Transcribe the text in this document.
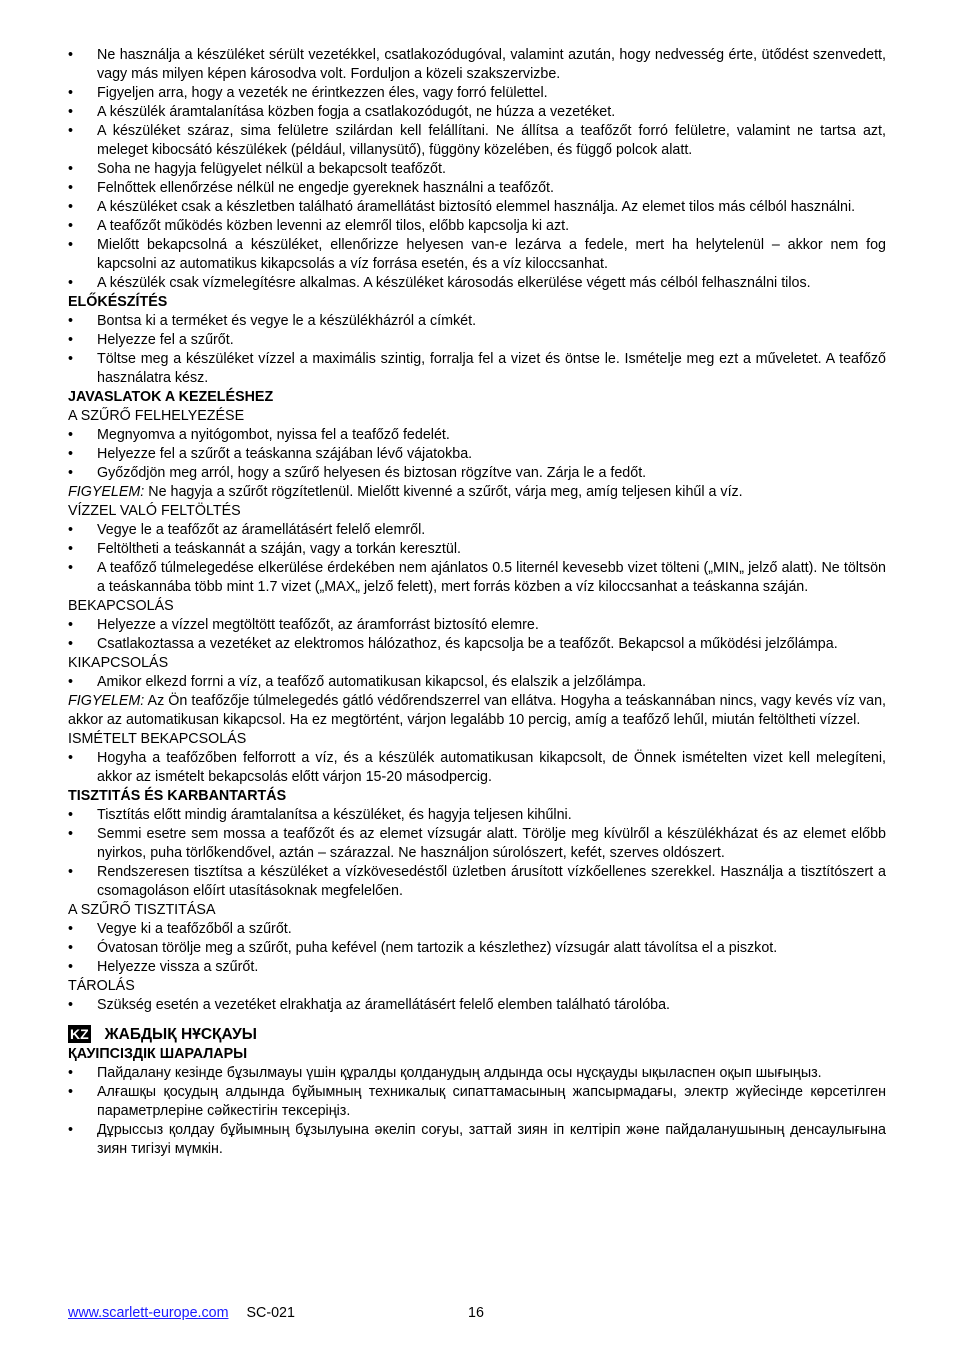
• Ne használja a készüléket sérült vezetékkel, csatlakozódugóval, valamint azután, hogy nedvesség érte, ütődést szenvedett, vagy más milyen képen károsodva volt. Forduljon a közeli szakszervizbe.
• Figyeljen arra, hogy a vezeték ne érintkezzen éles, vagy forró felülettel.
• A készülék áramtalanítása közben fogja a csatlakozódugót, ne húzza a vezetéket.
• A készüléket száraz, sima felületre szilárdan kell felállítani. Ne állítsa a teafőzőt forró felületre, valamint ne tartsa azt, meleget kibocsátó készülékek (például, villanysütő), függöny közelében, és függő polcok alatt.
• Soha ne hagyja felügyelet nélkül a bekapcsolt teafőzőt.
• Felnőttek ellenőrzése nélkül ne engedje gyereknek használni a teafőzőt.
• A készüléket csak a készletben található áramellátást biztosító elemmel használja. Az elemet tilos más célból használni.
• A teafőzőt működés közben levenni az elemről tilos, előbb kapcsolja ki azt.
• Mielőtt bekapcsolná a készüléket, ellenőrizze helyesen van-e lezárva a fedele, mert ha helytelenül – akkor nem fog kapcsolni az automatikus kikapcsolás a víz forrása esetén, és a víz kiloccsanhat.
• A készülék csak vízmelegítésre alkalmas. A készüléket károsodás elkerülése végett más célból felhasználni tilos.
ELŐKÉSZÍTÉS
• Bontsa ki a terméket és vegye le a készülékházról a címkét.
• Helyezze fel a szűrőt.
• Töltse meg a készüléket vízzel a maximális szintig, forralja fel a vizet és öntse le. Ismételje meg ezt a műveletet. A teafőző használatra kész.
JAVASLATOK A KEZELÉSHEZ
A SZŰRŐ FELHELYEZÉSE
• Megnyomva a nyitógombot, nyissa fel a teafőző fedelét.
• Helyezze fel a szűrőt a teáskanna szájában lévő vájatokba.
• Győződjön meg arról, hogy a szűrő helyesen és biztosan rögzítve van. Zárja le a fedőt.
FIGYELEM: Ne hagyja a szűrőt rögzítetlenül. Mielőtt kivenné a szűrőt, várja meg, amíg teljesen kihűl a víz.
VÍZZEL VALÓ FELTÖLTÉS
• Vegye le a teafőzőt az áramellátásért felelő elemről.
• Feltöltheti a teáskannát a száján, vagy a torkán keresztül.
• A teafőző túlmelegedése elkerülése érdekében nem ajánlatos 0.5 liternél kevesebb vizet tölteni („MIN„ jelző alatt). Ne töltsön a teáskannába több mint 1.7 vizet („MAX„ jelző felett), mert forrás közben a víz kiloccsanhat a teáskanna száján.
BEKAPCSOLÁS
• Helyezze a vízzel megtöltött teafőzőt, az áramforrást biztosító elemre.
• Csatlakoztassa a vezetéket az elektromos hálózathoz, és kapcsolja be a teafőzőt. Bekapcsol a működési jelzőlámpa.
KIKAPCSOLÁS
• Amikor elkezd forrni a víz, a teafőző automatikusan kikapcsol, és elalszik a jelzőlámpa.
FIGYELEM: Az Ön teafőzője túlmelegedés gátló védőrendszerrel van ellátva. Hogyha a teáskannában nincs, vagy kevés víz van, akkor az automatikusan kikapcsol. Ha ez megtörtént, várjon legalább 10 percig, amíg a teafőző lehűl, miután feltöltheti vízzel.
ISMÉTELT BEKAPCSOLÁS
• Hogyha a teafőzőben felforrott a víz, és a készülék automatikusan kikapcsolt, de Önnek ismételten vizet kell melegíteni, akkor az ismételt bekapcsolás előtt várjon 15-20 másodpercig.
TISZTITÁS ÉS KARBANTARTÁS
• Tisztítás előtt mindig áramtalanítsa a készüléket, és hagyja teljesen kihűlni.
• Semmi esetre sem mossa a teafőzőt és az elemet vízsugár alatt. Törölje meg kívülről a készülékházat és az elemet előbb nyirkos, puha törlőkendővel, aztán – szárazzal. Ne használjon súrolószert, kefét, szerves oldószert.
• Rendszeresen tisztítsa a készüléket a vízkövesedéstől üzletben árusított vízkőellenes szerekkel. Használja a tisztítószert a csomagoláson előírt utasításoknak megfelelően.
A SZŰRŐ TISZTITÁSA
• Vegye ki a teafőzőből a szűrőt.
• Óvatosan törölje meg a szűrőt, puha kefével (nem tartozik a készlethez) vízsugár alatt távolítsa el a piszkot.
• Helyezze vissza a szűrőt.
TÁROLÁS
• Szükség esetén a vezetéket elrakhatja az áramellátásért felelő elemben található tárolóba.
KZ ЖАБДЫҚ НҰСҚАУЫ
ҚАУІПСІЗДІК ШАРАЛАРЫ
• Пайдалану кезінде бұзылмауы үшін құралды қолданудың алдында осы нұсқауды ықыласпен оқып шығыңыз.
• Алғашқы қосудың алдында бұйымның техникалық сипаттамасының жапсырмадағы, электр жүйесінде көрсетілген параметрлеріне сәйкестігін тексеріңіз.
• Дұрыссыз қолдау бұйымның бұзылуына әкеліп соғуы, заттай зиян іп келтіріп және пайдаланушының денсаулығына зиян тигізуі мүмкін.
www.scarlett-europe.com SC-021	16
